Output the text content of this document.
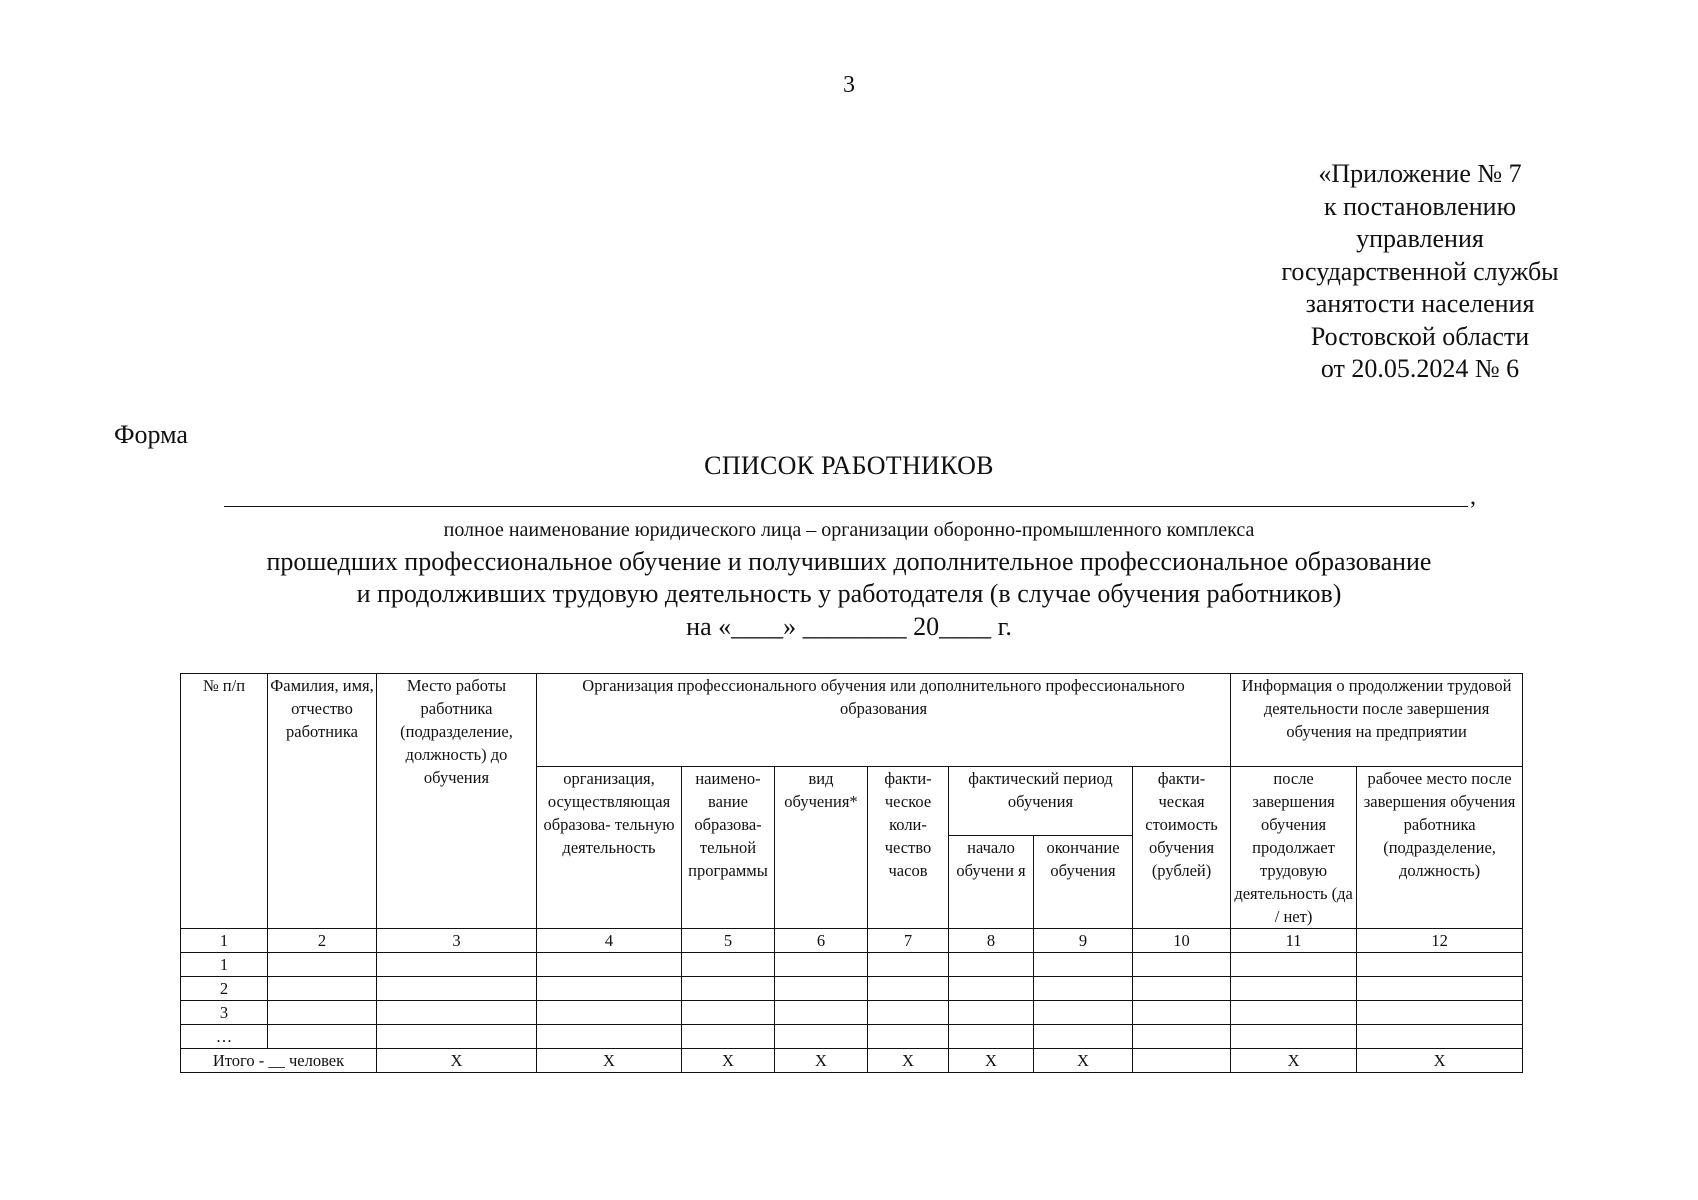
3
«Приложение № 7
к постановлению
управления
государственной службы
занятости населения
Ростовской области
от 20.05.2024 № 6
Форма
СПИСОК РАБОТНИКОВ
,
полное наименование юридического лица – организации оборонно-промышленного комплекса
прошедших профессиональное обучение и получивших дополнительное профессиональное образование
и продолживших трудовую деятельность у работодателя (в случае обучения работников)
на «____» ________ 20____ г.
№ п/п	Фамилия, имя, отчество работника	Место работы работника (подразделение, должность) до обучения	Организация профессионального обучения или дополнительного профессионального образования							Информация о продолжении трудовой деятельности после завершения обучения на предприятии	
			организация, осуществляющая образова- тельную деятельность	наимено- вание образова- тельной программы	вид обучения*	факти- ческое коли- чество часов	фактический период обучения		факти- ческая стоимость обучения (рублей)	после завершения обучения продолжает трудовую деятельность (да / нет)	рабочее место после завершения обучения работника (подразделение, должность)
							начало обучени я	окончание обучения			
1	2	3	4	5	6	7	8	9	10	11	12
1											
2											
3											
…											
Итого - __ человек		X	X	X	X	X	X	X		X	X
